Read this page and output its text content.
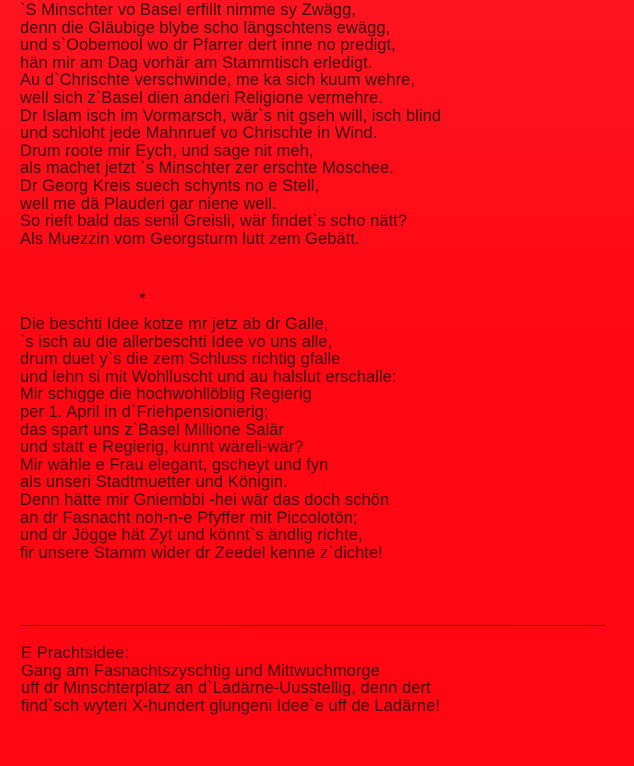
`S Minschter vo Basel erfillt nimme sy Zwägg,
denn die Gläubige blybe scho längschtens ewägg,
und s`Oobemool wo dr Pfarrer dert inne no predigt,
hän mir am Dag vorhär am Stammtisch erledigt.
Au d`Chrischte verschwinde, me ka sich kuum wehre,
well sich z`Basel dien anderi Religione vermehre.
Dr Islam isch im Vormarsch, wär`s nit gseh will, isch blind
und schloht jede Mahnruef vo Chrischte in Wind.
Drum roote mir Eych, und sage nit meh,
als machet jetzt `s Minschter zer erschte Moschee.
Dr Georg Kreis suech schynts no e Stell,
well me dä Plauderi gar niene well.
So rieft bald das senil Greisli, wär findet`s scho nätt?
Als Muezzin vom Georgsturm lutt zem Gebätt.
*
Die beschti Idee kotze mr jetz ab dr Galle,
`s isch au die allerbeschti Idee vo uns alle,
drum duet y`s die zem Schluss richtig gfalle
und lehn si mit Wohlluscht und au halslut erschalle:
Mir schigge die hochwohllöblig Regierig
per 1. April in d`Friehpensionierig;
das spart uns z`Basel Millione Salär
und statt e Regierig, kunnt wäreli-wär?
Mir wähle e Frau elegant, gscheyt und fyn
als unseri Stadtmuetter und Königin.
Denn hätte mir Gniembbi -hei wär das doch schön
an dr Fasnacht noh-n-e Pfyffer mit Piccolotön;
und dr Jögge hät Zyt und könnt`s ändlig richte,
fir unsere Stamm wider dr Zeedel kenne z`dichte!
E Prachtsidee:
Gang am Fasnachtszyschtig und Mittwuchmorge
uff dr Minschterplatz an d`Ladärne-Uusstellig, denn dert
find`sch wyteri X-hundert glungeni Idee`e uff de Ladärne!
